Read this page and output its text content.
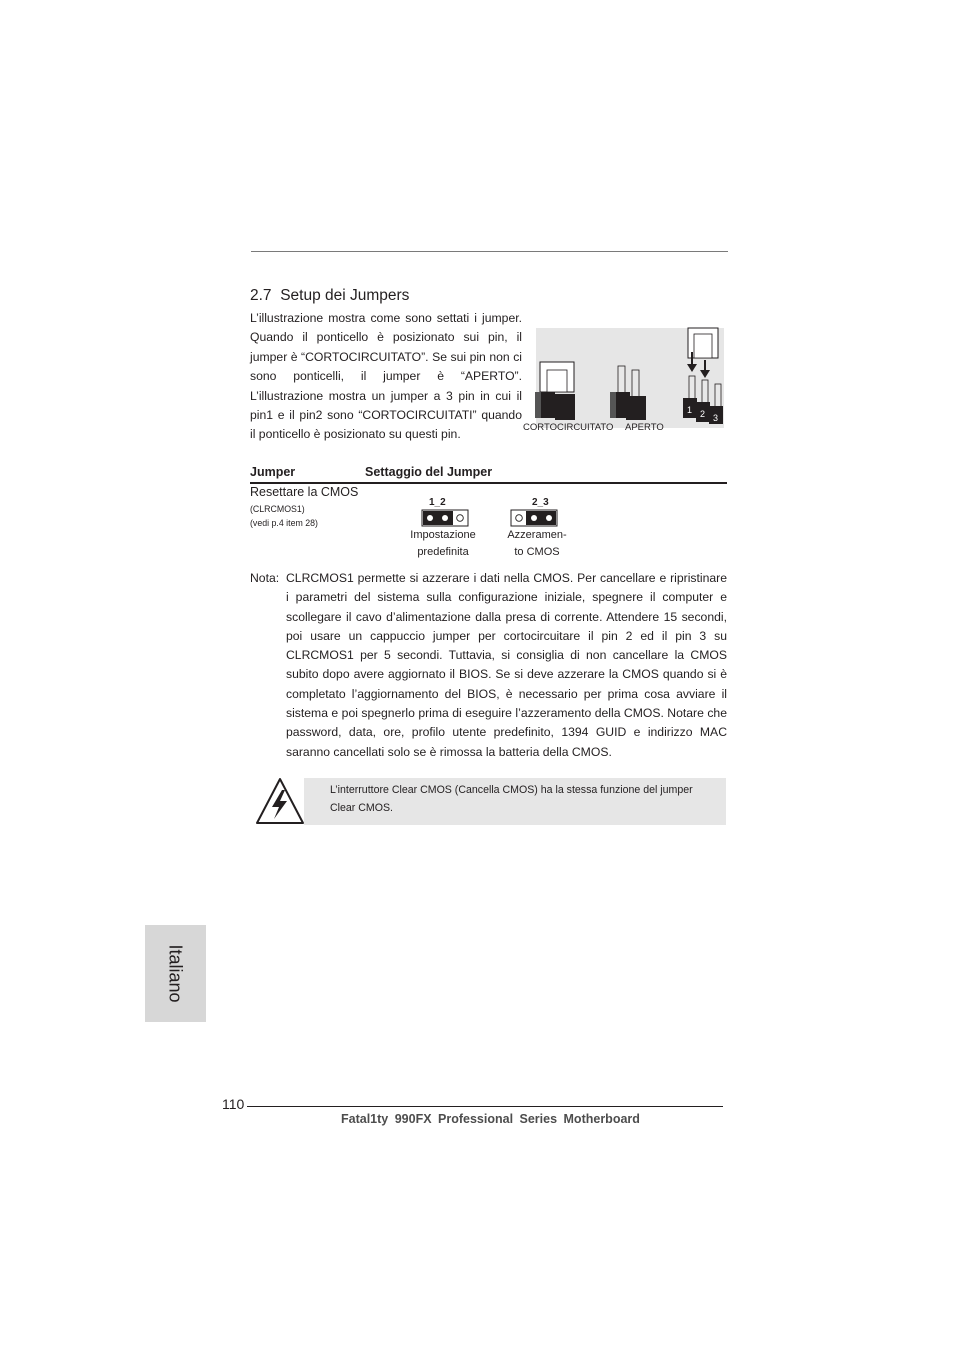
2.7 Setup dei Jumpers

L’illustrazione mostra come sono settati i jumper. Quando il ponticello è posizionato sui pin, il jumper è “CORTOCIRCUITATO”. Se sui pin non ci sono ponticelli, il jumper è “APERTO”. L’illustrazione mostra un jumper a 3 pin in cui il pin1 e il pin2 sono “CORTOCIRCUITATI” quando il ponticello è posizionato su questi pin.

1 2 3
CORTOCIRCUITATO APERTO
Jumper	Settaggio del Jumper
Resettare la CMOS
(CLRCMOS1)
(vedi p.4 item 28)
1_2
Impostazione
predefinita
2_3
Azzeramen-
to CMOS
Nota: CLRCMOS1 permette si azzerare i dati nella CMOS. Per cancellare e ripristinare i parametri del sistema sulla configurazione iniziale, spegnere il computer e scollegare il cavo d’alimentazione dalla presa di corrente. Attendere 15 secondi, poi usare un cappuccio jumper per cortocircuitare il pin 2 ed il pin 3 su CLRCMOS1 per 5 secondi. Tuttavia, si consiglia di non cancellare la CMOS subito dopo avere aggiornato il BIOS. Se si deve azzerare la CMOS quando si è completato l’aggiornamento del BIOS, è necessario per prima cosa avviare il sistema e poi spegnerlo prima di eseguire l’azzeramento della CMOS. Notare che password, data, ore, profilo utente predefinito, 1394 GUID e indirizzo MAC saranno cancellati solo se è rimossa la batteria della CMOS.

L’interruttore Clear CMOS (Cancella CMOS) ha la stessa funzione del jumper Clear CMOS.

Italiano
110
Fatal1ty 990FX Professional Series Motherboard
